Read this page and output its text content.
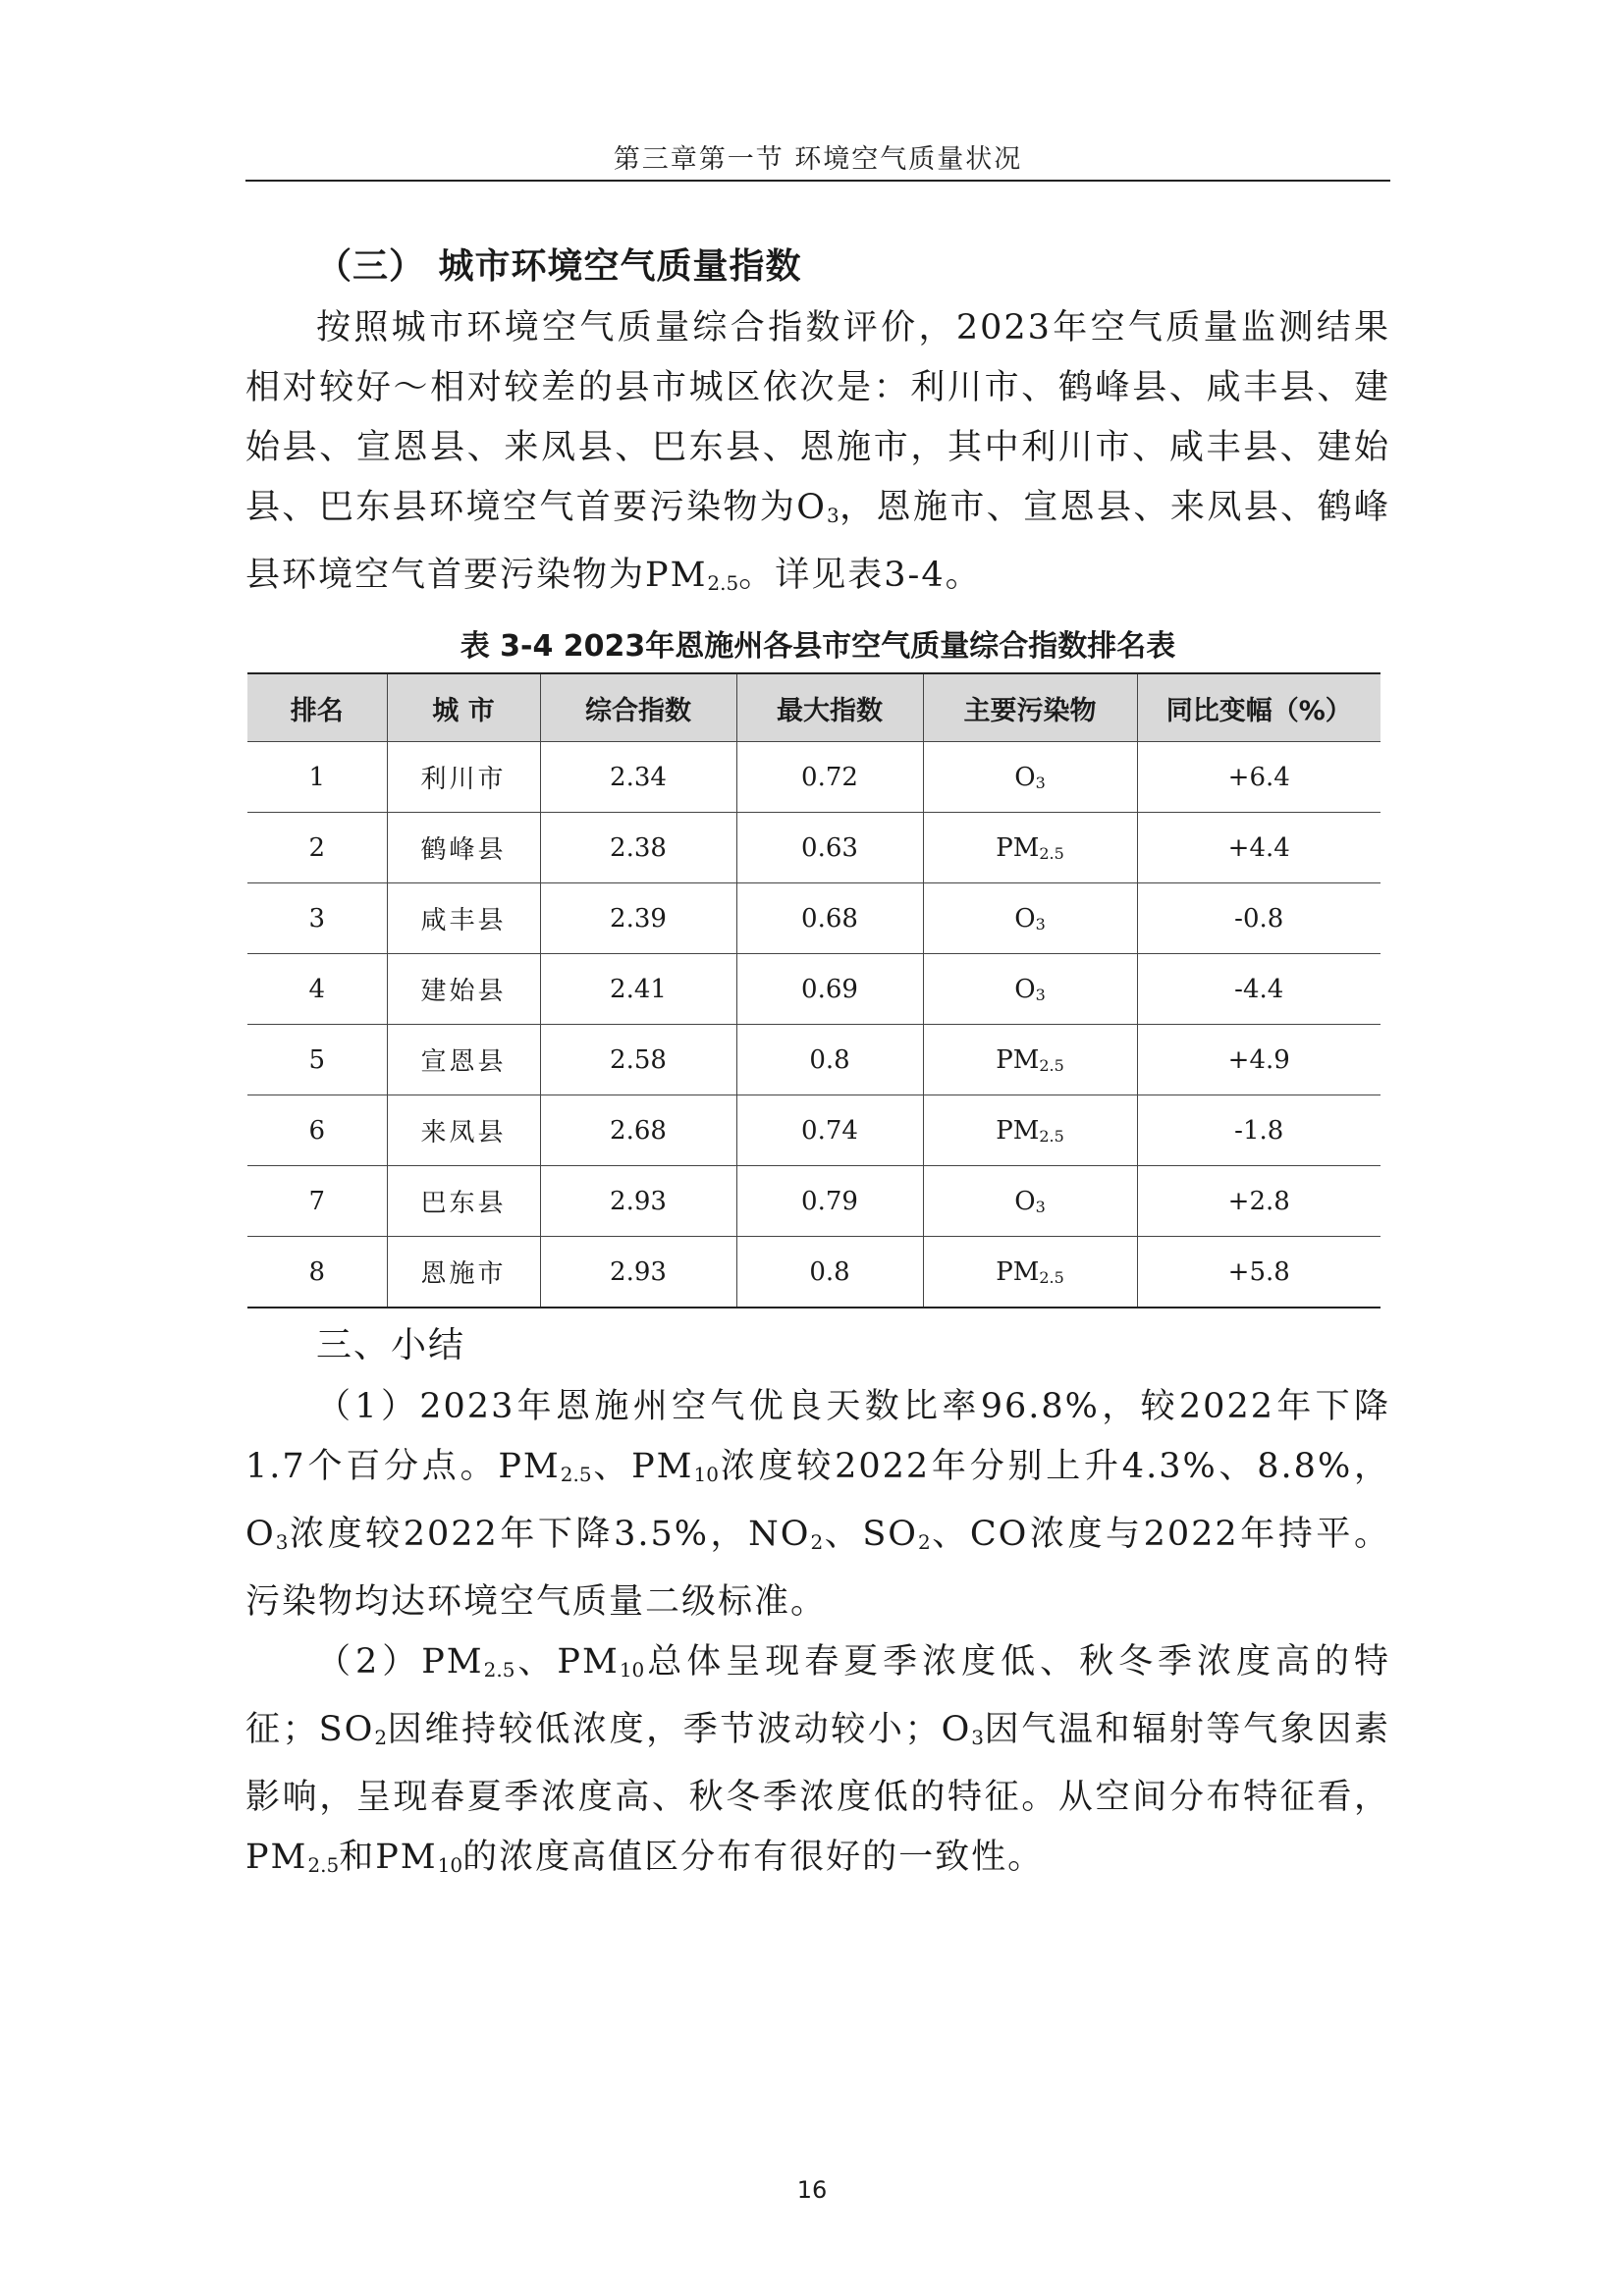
第三章第一节 环境空气质量状况
（三） 城市环境空气质量指数

按照城市环境空气质量综合指数评价，2023年空气质量监测结果相对较好～相对较差的县市城区依次是：利川市、鹤峰县、咸丰县、建始县、宣恩县、来凤县、巴东县、恩施市，其中利川市、咸丰县、建始县、巴东县环境空气首要污染物为$O_3$，恩施市、宣恩县、来凤县、鹤峰县环境空气首要污染物为$PM_{2.5}$。详见表3-4。

表 3-4 2023年恩施州各县市空气质量综合指数排名表
排名	城 市	综合指数	最大指数	主要污染物	同比变幅（%）
1	利川市	2.34	0.72	$O_3$	+6.4
2	鹤峰县	2.38	0.63	$PM_{2.5}$	+4.4
3	咸丰县	2.39	0.68	$O_3$	-0.8
4	建始县	2.41	0.69	$O_3$	-4.4
5	宣恩县	2.58	0.8	$PM_{2.5}$	+4.9
6	来凤县	2.68	0.74	$PM_{2.5}$	-1.8
7	巴东县	2.93	0.79	$O_3$	+2.8
8	恩施市	2.93	0.8	$PM_{2.5}$	+5.8
三、小结

（1）2023年恩施州空气优良天数比率96.8%，较2022年下降1.7个百分点。$PM_{2.5}$、$PM_{10}$浓度较2022年分别上升4.3%、8.8%，$O_3$浓度较2022年下降3.5%，$NO_2$、$SO_2$、CO浓度与2022年持平。污染物均达环境空气质量二级标准。

$(2)PM_{2.5}$、$PM_{10}$总体呈现春夏季浓度低、秋冬季浓度高的特征；$SO_2$因维持较低浓度，季节波动较小；$O_3$因气温和辐射等气象因素影响，呈现春夏季浓度高、秋冬季浓度低的特征。从空间分布特征看，$PM_{2.5}$和$PM_{10}$的浓度高值区分布有很好的一致性。

16
